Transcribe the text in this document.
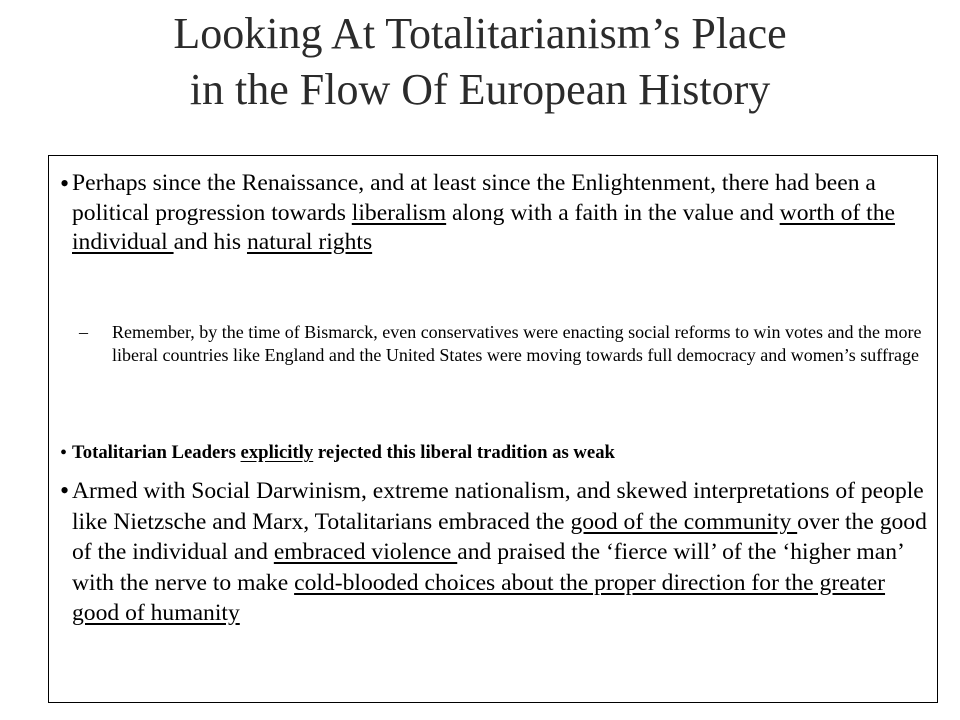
Looking At Totalitarianism’s Place
in the Flow Of European History
• Perhaps since the Renaissance, and at least since the Enlightenment, there had been a political progression towards liberalism along with a faith in the value and worth of the individual and his natural rights
– Remember, by the time of Bismarck, even conservatives were enacting social reforms to win votes and the more liberal countries like England and the United States were moving towards full democracy and women’s suffrage
• Totalitarian Leaders explicitly rejected this liberal tradition as weak
• Armed with Social Darwinism, extreme nationalism, and skewed interpretations of people like Nietzsche and Marx, Totalitarians embraced the good of the community over the good of the individual and embraced violence and praised the ‘fierce will’ of the ‘higher man’ with the nerve to make cold-blooded choices about the proper direction for the greater good of humanity
